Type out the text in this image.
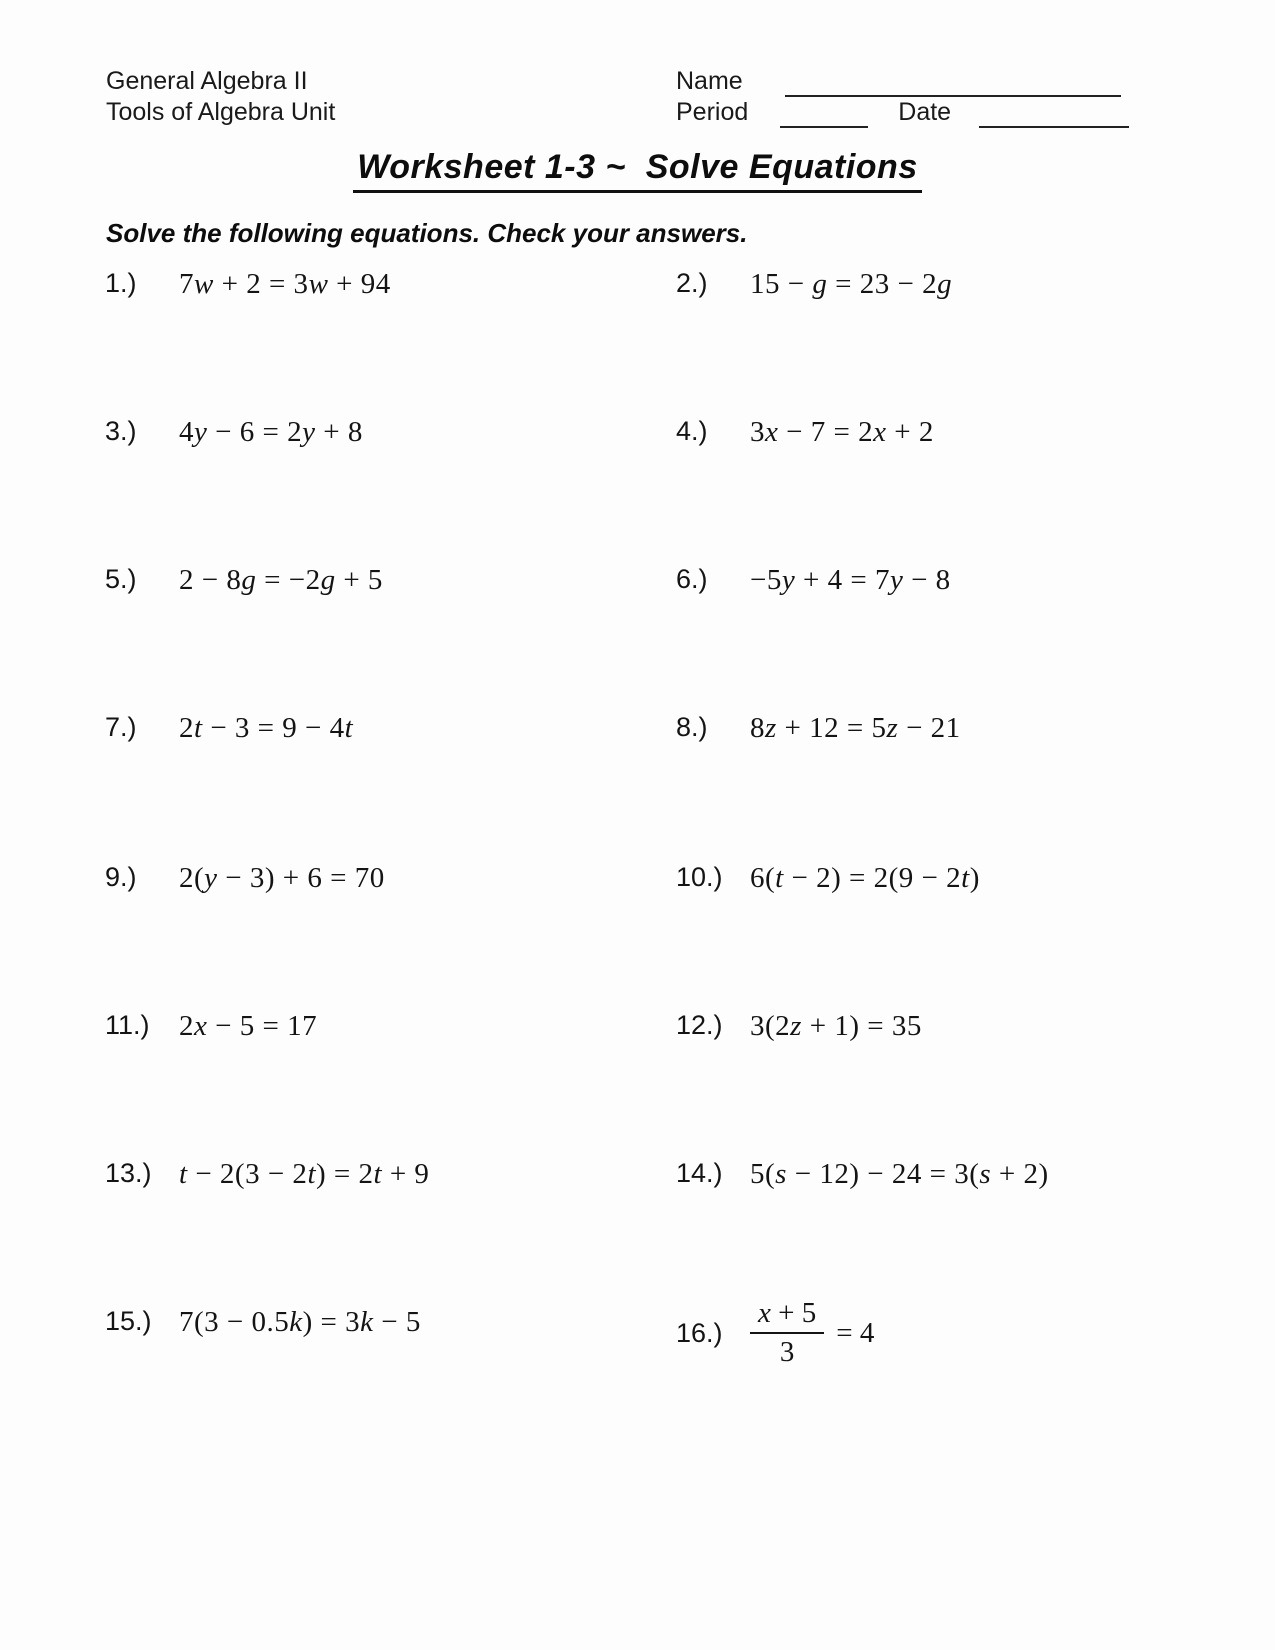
General Algebra II
Tools of Algebra Unit
Name
Period	Date
Worksheet 1-3 ~  Solve Equations
Solve the following equations. Check your answers.
1.)	7w + 2 = 3w + 94	2.)	15 − g = 23 − 2g
3.)	4y − 6 = 2y + 8	4.)	3x − 7 = 2x + 2
5.)	2 − 8g = −2g + 5	6.)	−5y + 4 = 7y − 8
7.)	2t − 3 = 9 − 4t	8.)	8z + 12 = 5z − 21
9.)	2(y − 3) + 6 = 70	10.) 6(t − 2) = 2(9 − 2t)
11.)	2x − 5 = 17	12.) 3(2z + 1) = 35
13.) t − 2(3 − 2t) = 2t + 9	14.) 5(s − 12) − 24 = 3(s + 2)
15.) 7(3 − 0.5k) = 3k − 5	$16.) \frac{x + 5}{3} = 4$
